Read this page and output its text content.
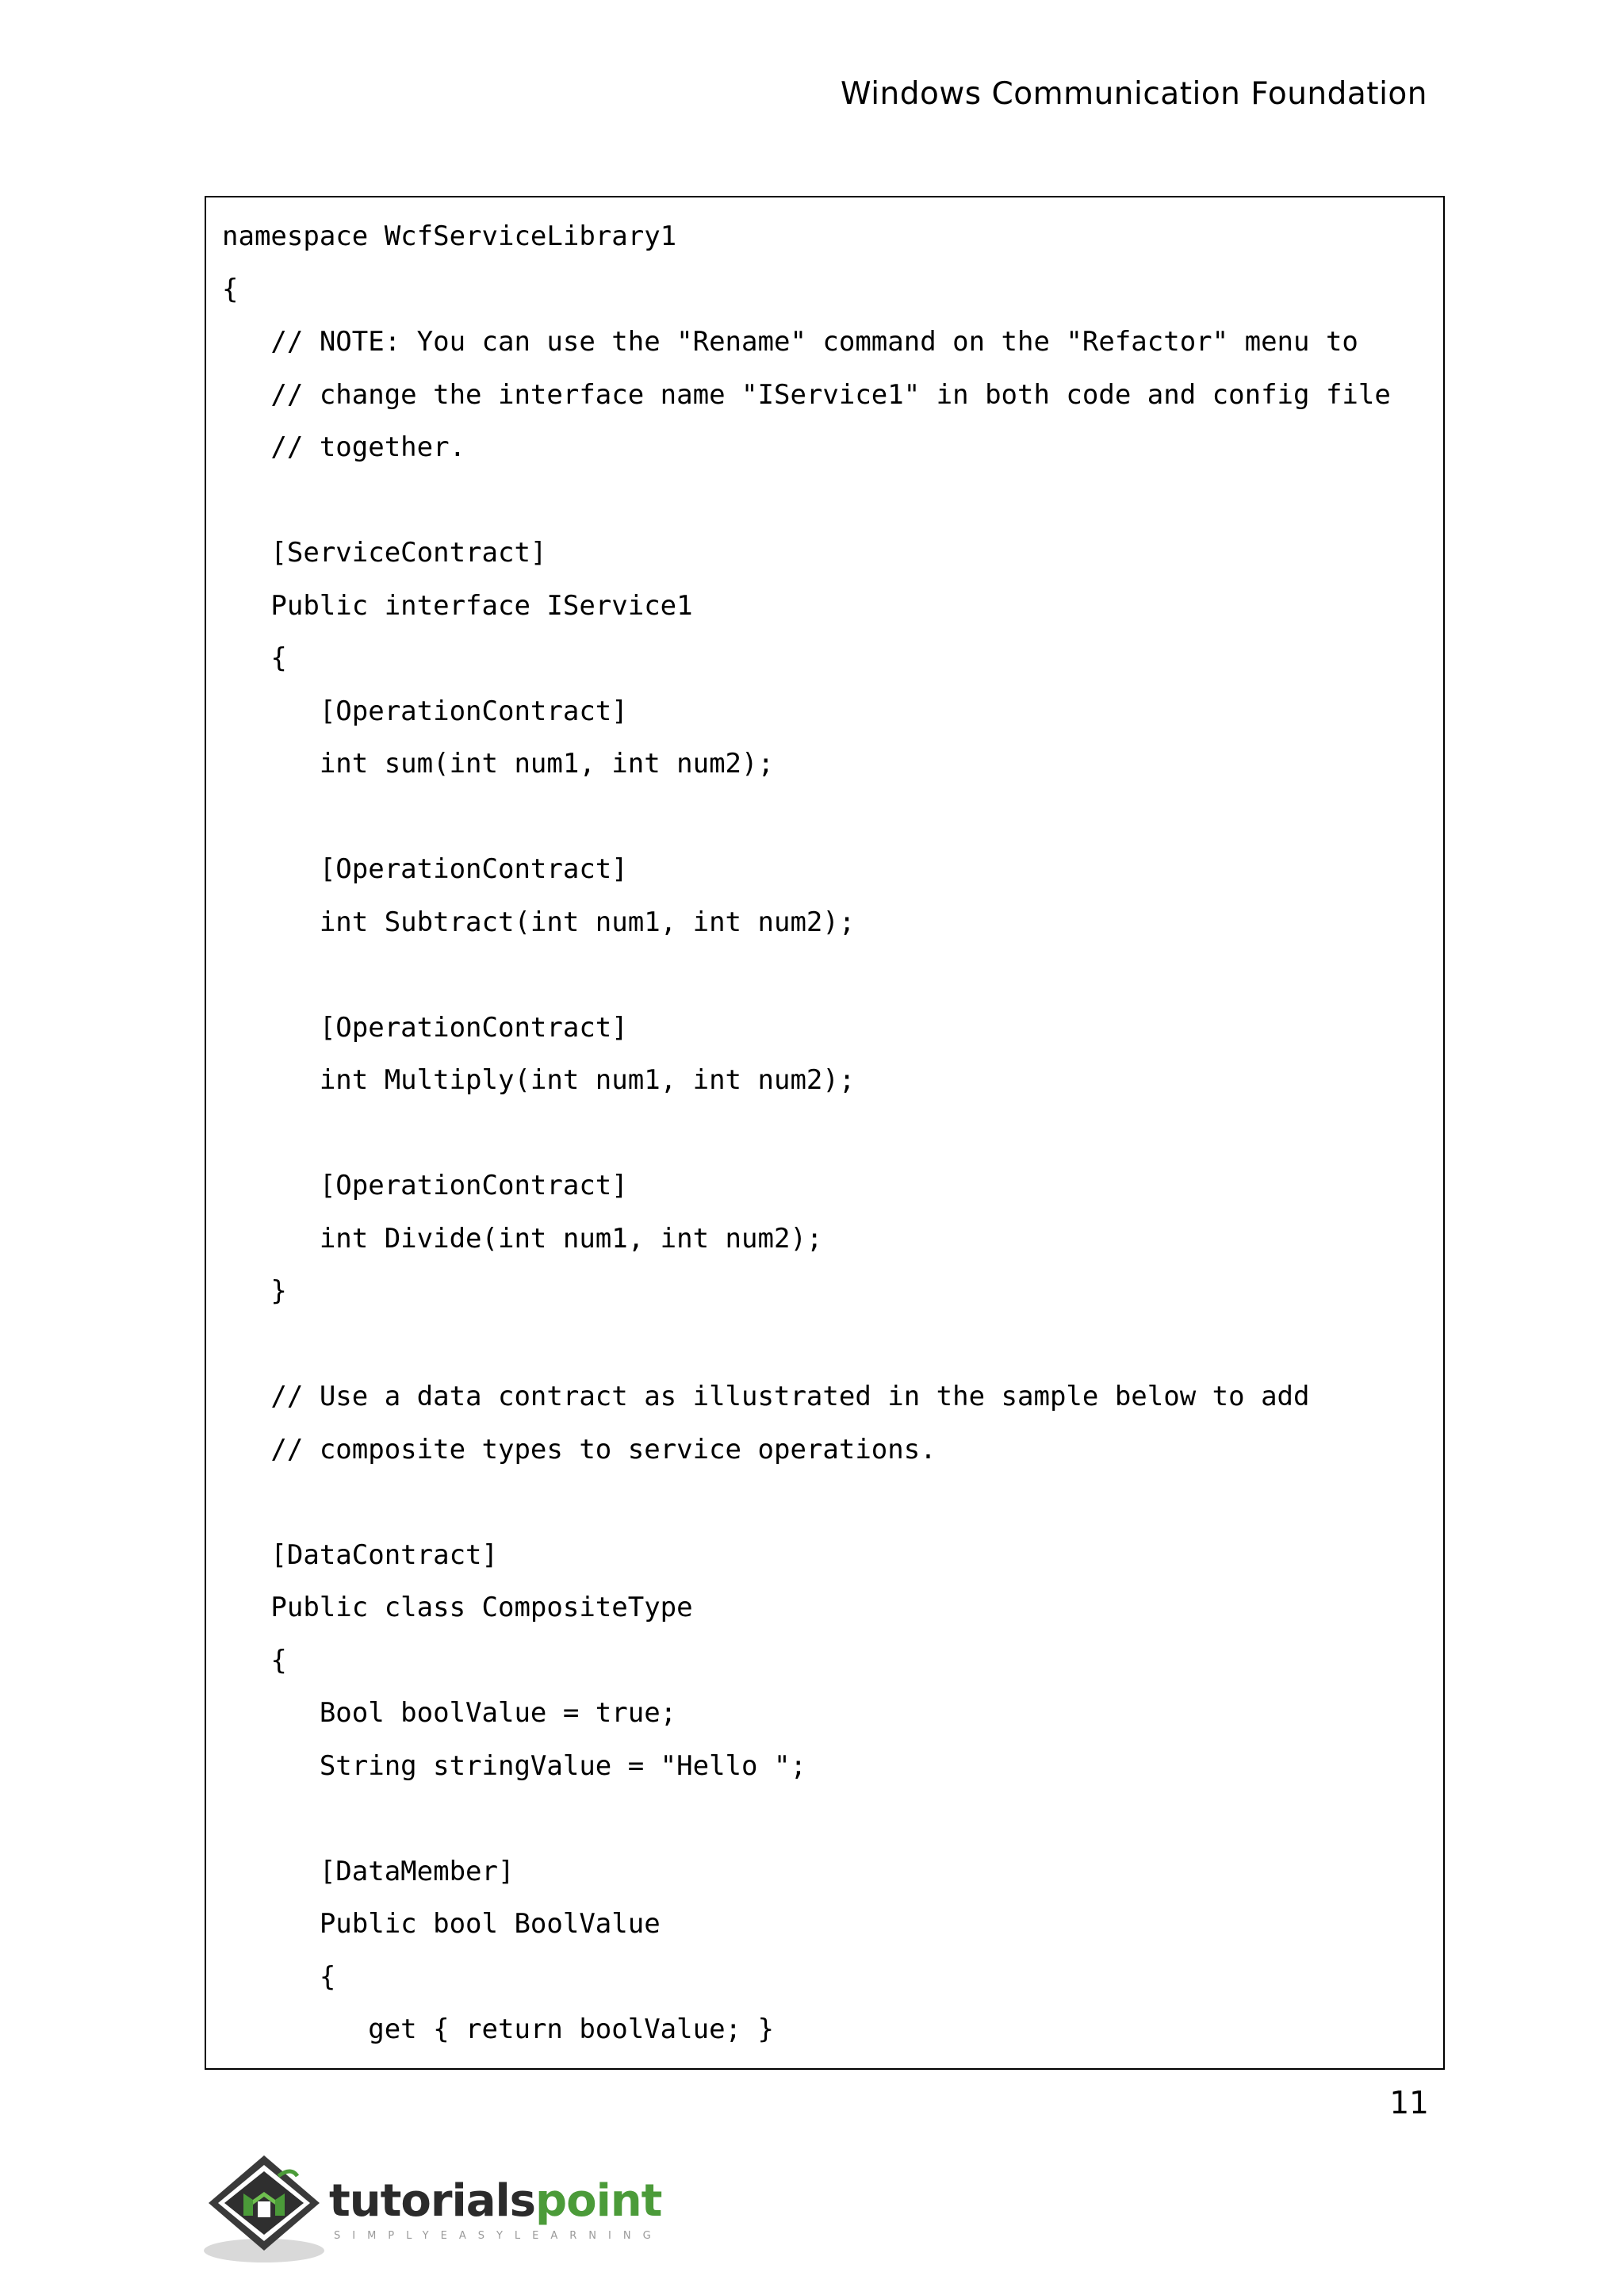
Windows Communication Foundation
namespace WcfServiceLibrary1
{
// NOTE: You can use the "Rename" command on the "Refactor" menu to
// change the interface name "IService1" in both code and config file
// together.
[ServiceContract]
Public interface IService1
{
[OperationContract]
int sum(int num1, int num2);
[OperationContract]
int Subtract(int num1, int num2);
[OperationContract]
int Multiply(int num1, int num2);
[OperationContract]
int Divide(int num1, int num2);
}
// Use a data contract as illustrated in the sample below to add
// composite types to service operations.
[DataContract]
Public class CompositeType
{
Bool boolValue = true;
String stringValue = "Hello ";
[DataMember]
Public bool BoolValue
{
get { return boolValue; }
11
tutorialspoint
SIMPLYEASYLEARNING
